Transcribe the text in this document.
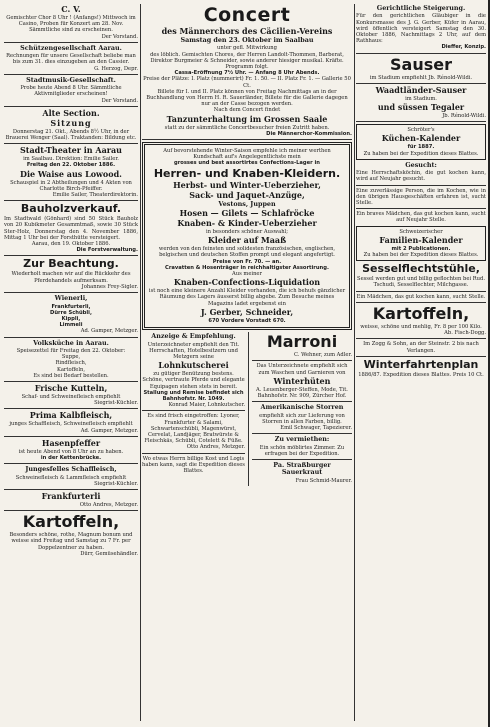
C. V.

Gemischter Chor 8 Uhr ! (Anfangs!) Mittwoch im Casino, Proben für Konzert am 28. Nov. Sämmtliche sind zu erscheinen.

Der Vorstand.

Schützengesellschaft Aarau.

Rechnungen für unsere Gesellschaft beliebe man bis zum 31. dies einzugeben an den Cassier.

G. Herzog, Depr.

Stadtmusik-Gesellschaft.

Probe heute Abend 8 Uhr. Sämmtliche Aktivmitglieder erscheinen!

Der Vorstand.

Alte Section.
Sitzung

Donnerstag 21. Okt., Abends 8½ Uhr, in der Brauerei Wenger (Saal). Traktanden: Bildung etc.

Stadt-Theater in Aarau

im Saalbau. Direktion: Emilie Sailer.

Freitag den 22. Oktober 1886.

Die Waise aus Lowood.

Schauspiel in 2 Abtheilungen und 4 Akten von Charlotte Birch-Pfeiffer.

Emilie Sailer, Theaterdirektorin.

Bauholzverkauf.

Im Stadtwald (Gönhard) sind 50 Stück Bauholz von 20 Kubikmeter Gesammtmaß, sowie 30 Stück Ster-Holz, Donnerstag den 4. November 1886, Mittag 1 Uhr bei der Forsthütte versteigert.

Aarau, den 19. Oktober 1886.

Die Forstverwaltung.

Zur Beachtung.

Wiederholt machen wir auf die Rückkehr des Pferdehandels aufmerksam.

Johannes Frey-Sigler.

Wienerli,

Frankfurterli,

Dürre Schübli,

Kippli,

Limmeli

Ad. Gamper, Metzger.

Volksküche in Aarau.

Speisezettel für Freitag den 22. Oktober:

Suppe,

Rindfleisch,

Kartoffeln,

Es sind bei Bedarf bestellen.

Frische Kutteln,

Schaf- und Schweinefleisch empfiehlt

Siegrist-Küchler.

Prima Kalbfleisch,

junges Schaffleisch, Schweinefleisch empfiehlt

Ad. Gamper, Metzger.

Hasenpfeffer

ist heute Abend von 8 Uhr an zu haben.

in der Kettenbrücke.

Jungesfelles Schaffleisch,

Schweinefleisch & Lammfleisch empfiehlt

Siegrist-Küchler.

Frankfurterli

Otto Andres, Metzger.

Kartoffeln,

Besonders schöne, rothe, Magnum bonum und weisse sind Freitag und Samstag zu 7 Fr. per Doppelzentner zu haben.

Dürr, Gemüsehändler.

Concert
des Männerchors des Cäcilien-Vereins
Samstag den 23. Oktober im Saalbau

unter gefl. Mitwirkung

des löblich. Gemischten Chores, der Herren Landolt-Thommen, Barberat, Direktor Burgmeier & Schneider, sowie anderer hiesiger musikal. Kräfte.

Programm folgt.

Cassa-Eröffnung 7½ Uhr. — Anfang 8 Uhr Abends.

Preise der Plätze: I. Platz (nummerirt) Fr. 1. 50. — II. Platz Fr. 1. — Gallerie 50 Ct.

Billete für I. und II. Platz können von Freitag Nachmittags an in der Buchhandlung von Herrn H. R. Sauerländer, Billete für die Gallerie dagegen nur an der Casse bezogen werden.

Nach dem Concert findet

Tanzunterhaltung im Grossen Saale

statt zu der sämmtliche Concertbesucher freien Zutritt haben.

Die Männerchor-Kommission.

Auf bevorstehende Winter-Saison empfehle ich meiner werthen Kundschaft auf's Angelegentlichste mein

grosses und best assortirtes Confections-Lager in

Herren- und Knaben-Kleidern.
Herbst- und Winter-Ueberzieher,
Sack- und Jaquet-Anzüge,
Vestons, Juppen
Hosen — Gilets — Schlafröcke
Knaben- & Kinder-Ueberzieher

in besonders schöner Auswahl;

Kleider auf Maaß

werden von den feinsten und solidesten französischen, englischen, belgischen und deutschen Stoffen prompt und elegant angefertigt.

Preise von Fr. 70. — an.

Cravatten & Hosenträger in reichhaltigster Assortirung.

Aus meiner

Knaben-Confections-Liquidation

ist noch eine kleinere Anzahl Kleider vorhanden, die ich behufs gänzlicher Räumung des Lagers äusserst billig abgebe. Zum Besuche meines Magazins ladet ergebenst ein

J. Gerber, Schneider,

670 Vordere Vorstadt 670.

Anzeige & Empfehlung.

Unterzeichneter empfiehlt den Tit. Herrschaften, Hotelbesitzern und Metzgern seine

Lohnkutscherei

zu gütiger Benützung bestens. Schöne, vertraute Pferde und elegante Equipagen stehen stets in bereit.

Stallung und Remise befindet sich Bahnhofstr. Nr. 1049.

Konrad Maier, Lohnkutscher.

Es sind frisch eingetroffen: Lyoner, Frankfurter & Salami, Schwartenschübli, Magenwürst, Cervelat, Landjäger, Bratwürste & Fleischkäs, Schübli, Cotelett & Füße.

Otto Andres, Metzger.

Wo etwas Herrn billige Kost und Logis haben kann, sagt die Expedition dieses Blattes.

Marroni

C. Wehner, zum Adler.

Das Unterzeichnete empfiehlt sich zum Waschen und Garnieren von

Winterhüten

A. Leuenberger-Steffen, Mode, Tit. Bahnhofstr. Nr. 909, Zürcher Hof.

Amerikanische Storren

empfiehlt sich zur Lieferung von Storren in allen Farben, billig.

Emil Schwager, Tapezierer.

Zu vermiethen:

Ein schön möblirtes Zimmer. Zu erfragen bei der Expedition.

Pa. Straßburger Sauerkraut

Frau Schmid-Maurer.

Gerichtliche Steigerung.

Für den gerichtlichen Gläubiger in die Konkursmasse des J. G. Gerber, Küfer in Aarau, wird öffentlich versteigert Samstag den 30. Oktober 1886, Nachmittags 2 Uhr, auf dem Rathhaus:

Dieffer, Konzip.

Sauser

im Stadium empfiehlt Jb. Rénold-Wildi.

Waadtländer-Sauser

im Stadium.

und süssen Tegaler

Jb. Rénold-Wildi.

Schröter's

Küchen-Kalender

für 1887.

Zu haben bei der Expedition dieses Blattes.

Gesucht:

Eine Herrschaftsköchin, die gut kochen kann, wird auf Neujahr gesucht.

Eine zuverlässige Person, die im Kochen, wie in den übrigen Hausgeschäften erfahren ist, sucht Stelle.

Ein braves Mädchen, das gut kochen kann, sucht auf Neujahr Stelle.

Schweizerischer

Familien-Kalender

mit 2 Publicationen.

Zu haben bei der Expedition dieses Blattes.

Sesselflechtstühle,

Sessel werden gut und billig geflochten bei Rud. Tschudi, Sesselflechter, Milchgasse.

Ein Mädchen, das gut kochen kann, sucht Stelle.

Kartoffeln,

weisse, schöne und mehlig, Fr. 8 per 100 Kilo.

Ab. Fisch-Dogg.

Im Zogg & Sohn, an der Steinstr. 2 bis nach Verlangen.

Winterfahrtenplan

1886/87. Expedition dieses Blattes. Preis 10 Ct.
